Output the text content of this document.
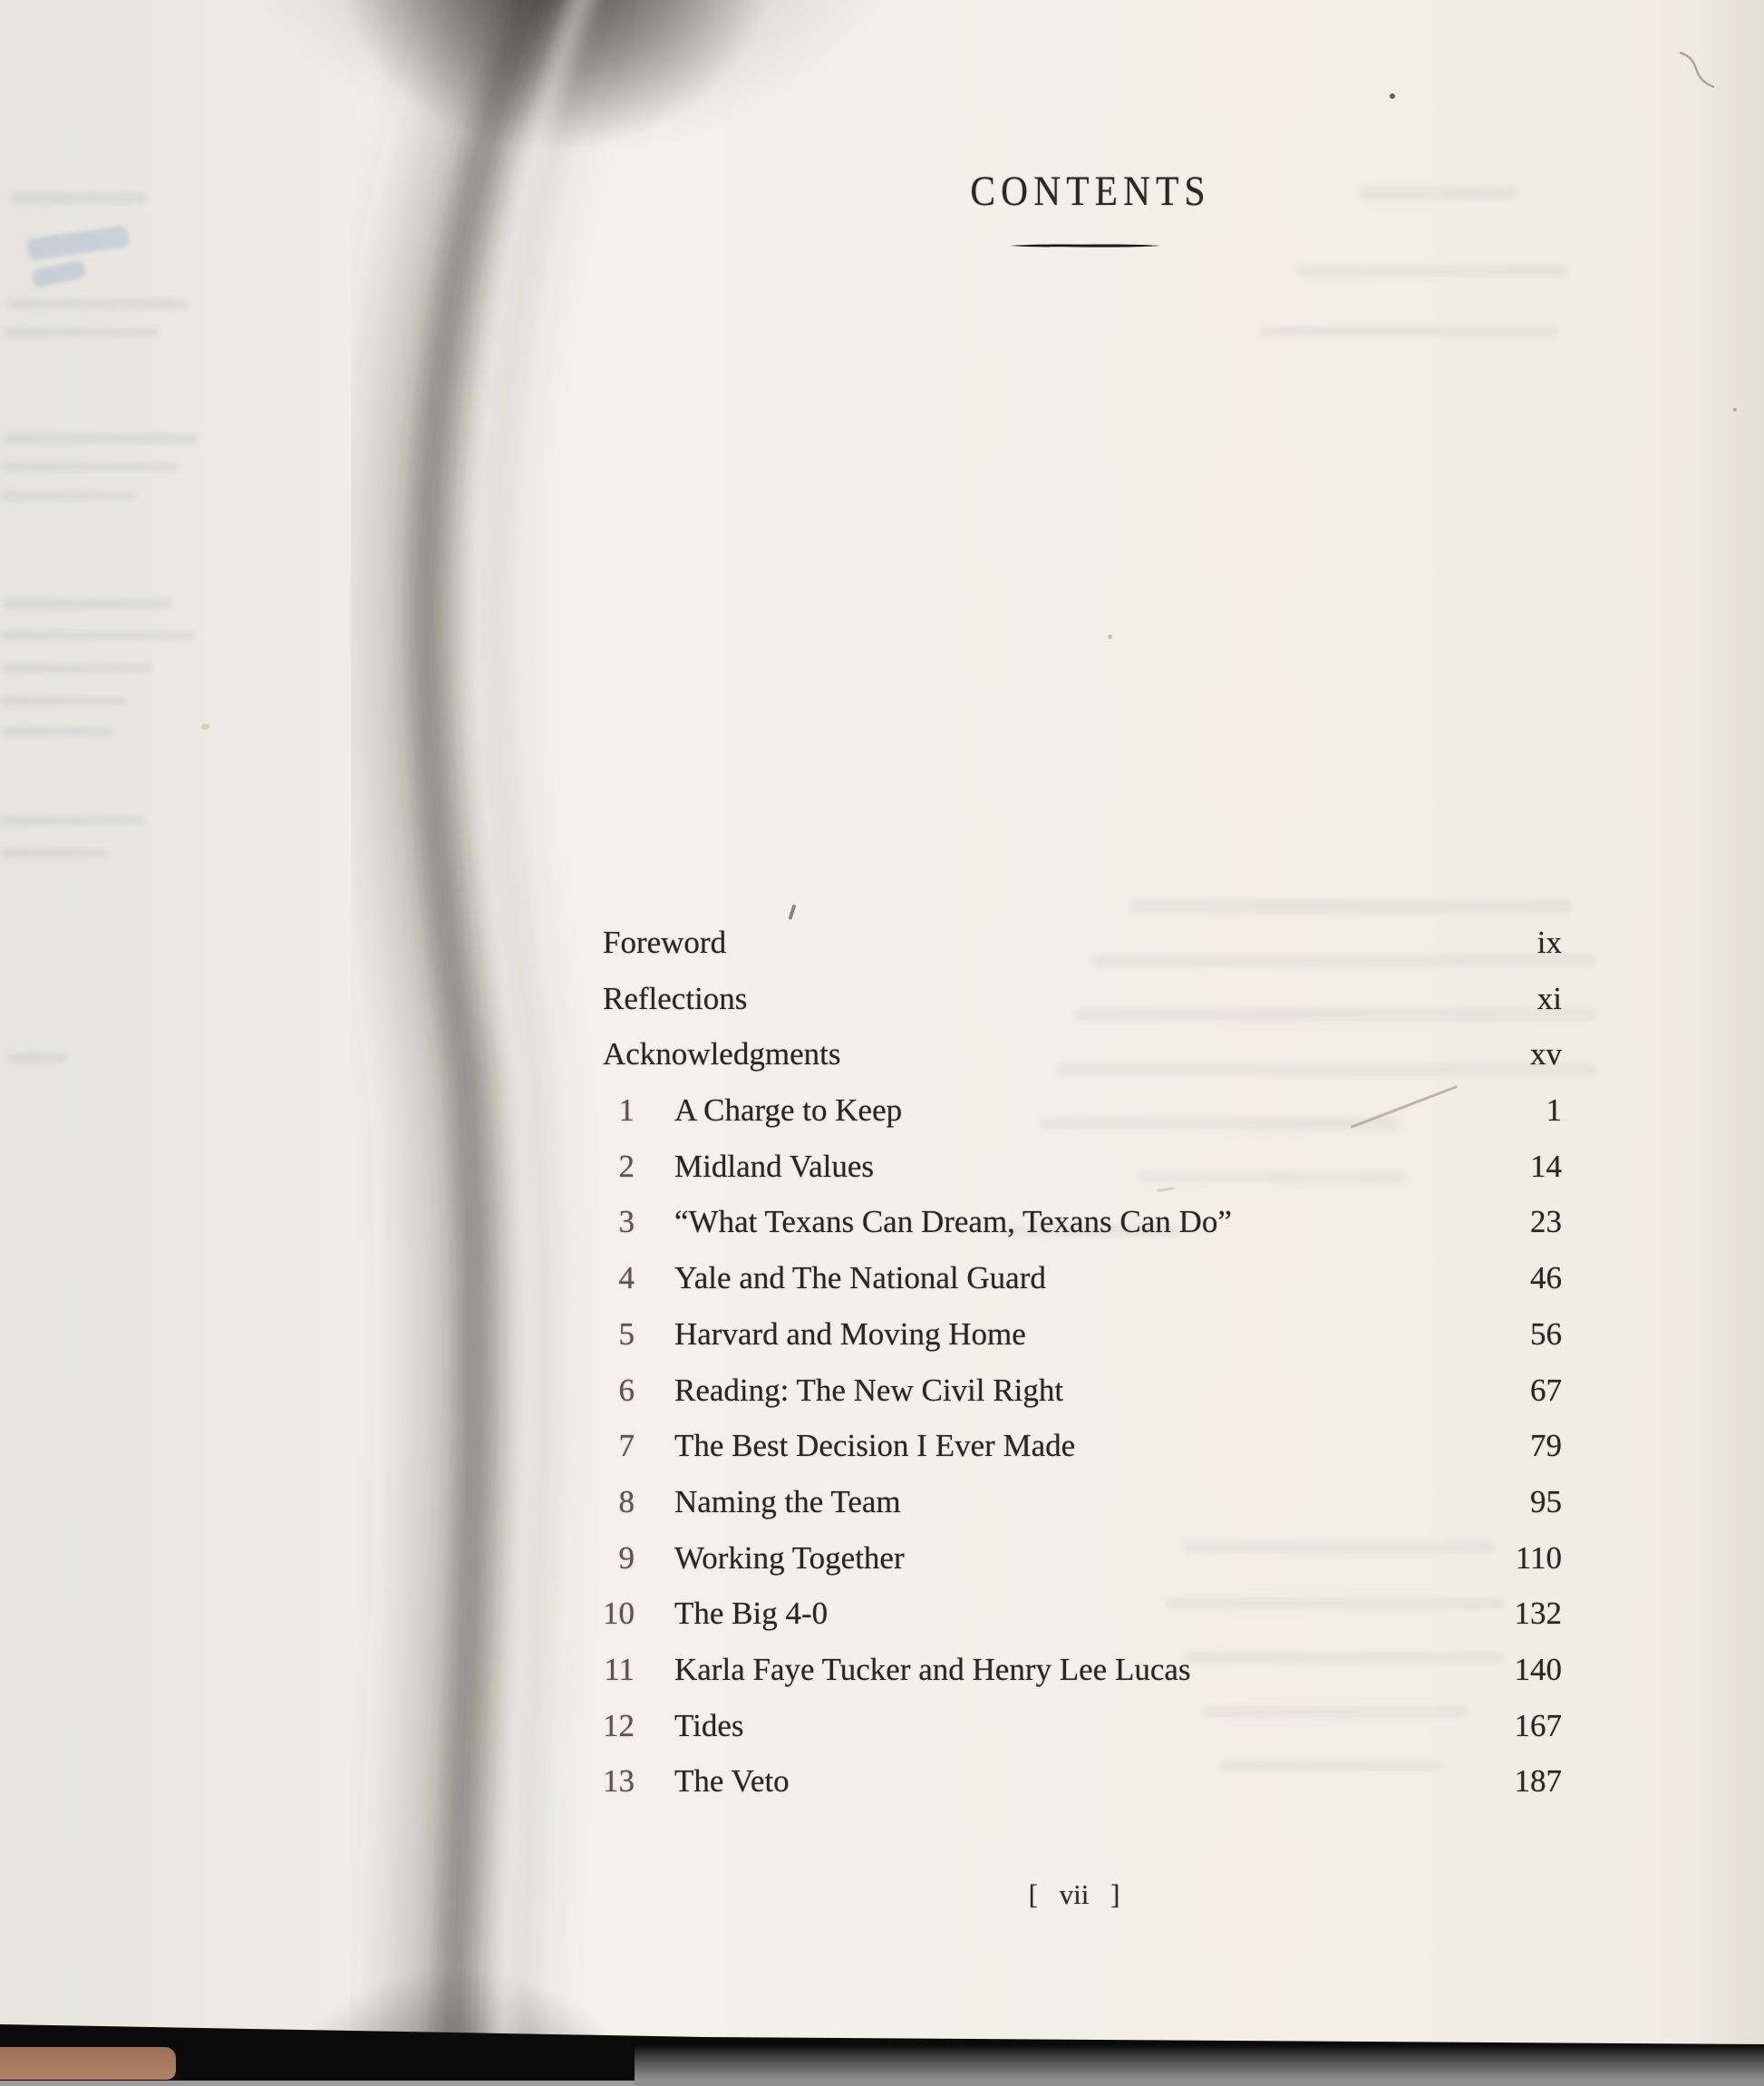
CONTENTS
Foreword	ix
Reflections	xi
Acknowledgments	xv
1 A Charge to Keep	1
2 Midland Values	14
3 “What Texans Can Dream, Texans Can Do”	23
4 Yale and The National Guard	46
5 Harvard and Moving Home	56
6 Reading: The New Civil Right	67
7 The Best Decision I Ever Made	79
8 Naming the Team	95
9 Working Together	110
10 The Big 4-0	132
11 Karla Faye Tucker and Henry Lee Lucas	140
12 Tides	167
13 The Veto	187
[ vii ]
